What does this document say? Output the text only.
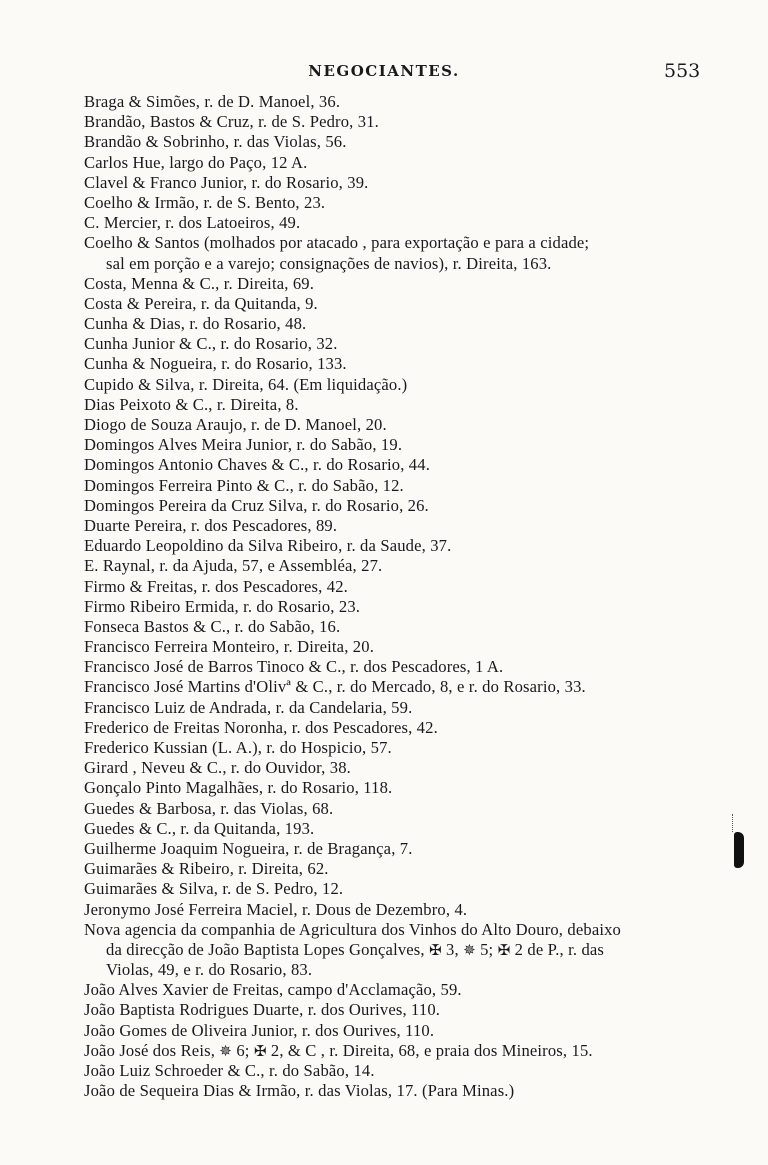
NEGOCIANTES.	553
Braga & Simões, r. de D. Manoel, 36.
Brandão, Bastos & Cruz, r. de S. Pedro, 31.
Brandão & Sobrinho, r. das Violas, 56.
Carlos Hue, largo do Paço, 12 A.
Clavel & Franco Junior, r. do Rosario, 39.
Coelho & Irmão, r. de S. Bento, 23.
C. Mercier, r. dos Latoeiros, 49.
Coelho & Santos (molhados por atacado , para exportação e para a cidade;
sal em porção e a varejo; consignações de navios), r. Direita, 163.
Costa, Menna & C., r. Direita, 69.
Costa & Pereira, r. da Quitanda, 9.
Cunha & Dias, r. do Rosario, 48.
Cunha Junior & C., r. do Rosario, 32.
Cunha & Nogueira, r. do Rosario, 133.
Cupido & Silva, r. Direita, 64. (Em liquidação.)
Dias Peixoto & C., r. Direita, 8.
Diogo de Souza Araujo, r. de D. Manoel, 20.
Domingos Alves Meira Junior, r. do Sabão, 19.
Domingos Antonio Chaves & C., r. do Rosario, 44.
Domingos Ferreira Pinto & C., r. do Sabão, 12.
Domingos Pereira da Cruz Silva, r. do Rosario, 26.
Duarte Pereira, r. dos Pescadores, 89.
Eduardo Leopoldino da Silva Ribeiro, r. da Saude, 37.
E. Raynal, r. da Ajuda, 57, e Assembléa, 27.
Firmo & Freitas, r. dos Pescadores, 42.
Firmo Ribeiro Ermida, r. do Rosario, 23.
Fonseca Bastos & C., r. do Sabão, 16.
Francisco Ferreira Monteiro, r. Direita, 20.
Francisco José de Barros Tinoco & C., r. dos Pescadores, 1 A.
Francisco José Martins d'Olivª & C., r. do Mercado, 8, e r. do Rosario, 33.
Francisco Luiz de Andrada, r. da Candelaria, 59.
Frederico de Freitas Noronha, r. dos Pescadores, 42.
Frederico Kussian (L. A.), r. do Hospicio, 57.
Girard , Neveu & C., r. do Ouvidor, 38.
Gonçalo Pinto Magalhães, r. do Rosario, 118.
Guedes & Barbosa, r. das Violas, 68.
Guedes & C., r. da Quitanda, 193.
Guilherme Joaquim Nogueira, r. de Bragança, 7.
Guimarães & Ribeiro, r. Direita, 62.
Guimarães & Silva, r. de S. Pedro, 12.
Jeronymo José Ferreira Maciel, r. Dous de Dezembro, 4.
Nova agencia da companhia de Agricultura dos Vinhos do Alto Douro, debaixo
da direcção de João Baptista Lopes Gonçalves, ✠ 3, ✵ 5; ✠ 2 de P., r. das
Violas, 49, e r. do Rosario, 83.
João Alves Xavier de Freitas, campo d'Acclamação, 59.
João Baptista Rodrigues Duarte, r. dos Ourives, 110.
João Gomes de Oliveira Junior, r. dos Ourives, 110.
João José dos Reis, ✵ 6; ✠ 2, & C , r. Direita, 68, e praia dos Mineiros, 15.
João Luiz Schroeder & C., r. do Sabão, 14.
João de Sequeira Dias & Irmão, r. das Violas, 17. (Para Minas.)
